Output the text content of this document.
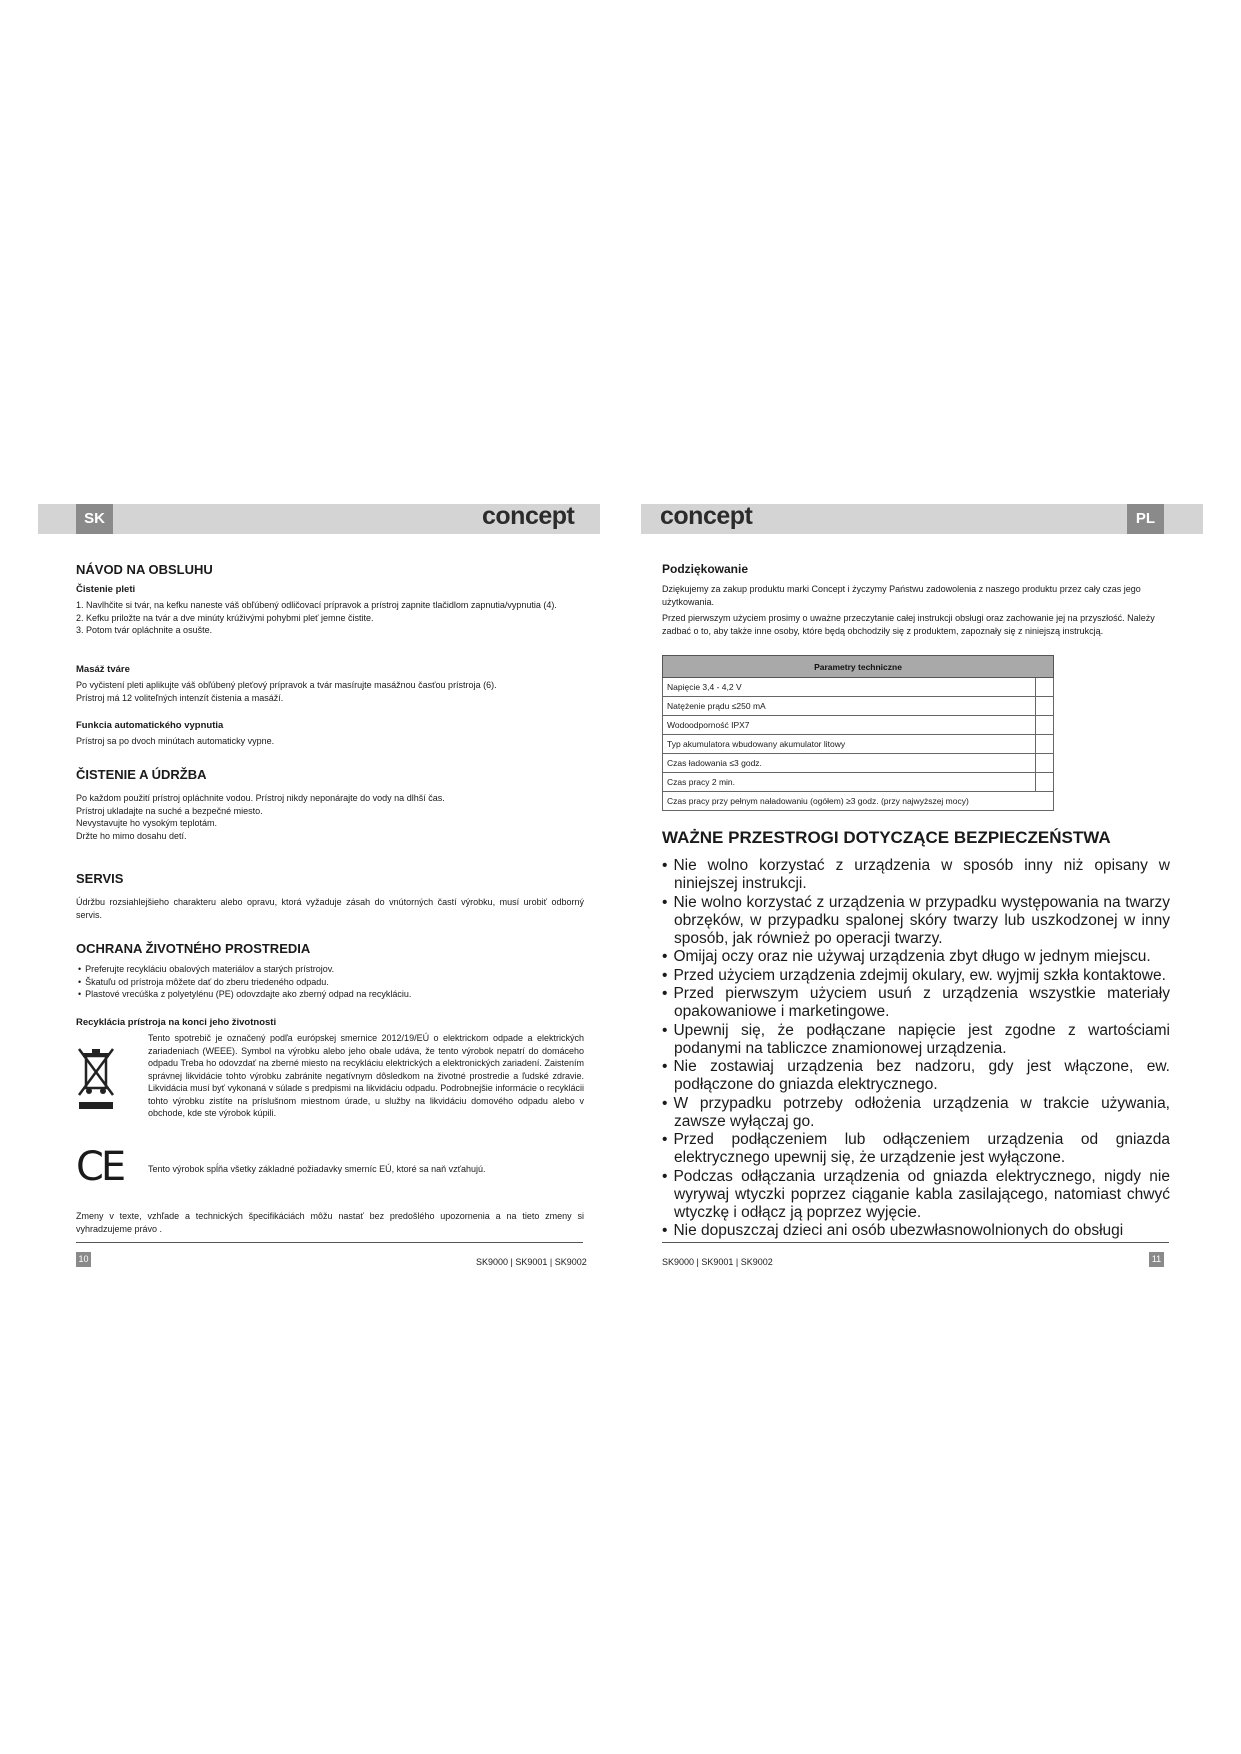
SK	PL
concept	concept
NÁVOD NA OBSLUHU
Čistenie pleti
1. Navlhčite si tvár, na kefku naneste váš obľúbený odličovací prípravok a prístroj zapnite tlačidlom zapnutia/vypnutia (4).
2. Kefku priložte na tvár a dve minúty krúživými pohybmi pleť jemne čistite.
3. Potom tvár opláchnite a osušte.
Masáž tváre

Po vyčistení pleti aplikujte váš obľúbený pleťový prípravok a tvár masírujte masážnou časťou prístroja (6).

Prístroj má 12 voliteľných intenzít čistenia a masáží.

Funkcia automatického vypnutia

Prístroj sa po dvoch minútach automaticky vypne.

ČISTENIE A ÚDRŽBA

Po každom použití prístroj opláchnite vodou. Prístroj nikdy neponárajte do vody na dlhší čas.

Prístroj ukladajte na suché a bezpečné miesto.

Nevystavujte ho vysokým teplotám.

Držte ho mimo dosahu detí.

SERVIS

Údržbu rozsiahlejšieho charakteru alebo opravu, ktorá vyžaduje zásah do vnútorných častí výrobku, musí urobiť odborný servis.

OCHRANA ŽIVOTNÉHO PROSTREDIA
• Preferujte recykláciu obalových materiálov a starých prístrojov.
• Škatuľu od prístroja môžete dať do zberu triedeného odpadu.
• Plastové vrecúška z polyetylénu (PE) odovzdajte ako zberný odpad na recykláciu.
Recyklácia prístroja na konci jeho životnosti

Tento spotrebič je označený podľa európskej smernice 2012/19/EÚ o elektrickom odpade a elektrických zariadeniach (WEEE). Symbol na výrobku alebo jeho obale udáva, že tento výrobok nepatrí do domáceho odpadu Treba ho odovzdať na zberné miesto na recykláciu elektrických a elektronických zariadení. Zaistením správnej likvidácie tohto výrobku zabránite negatívnym dôsledkom na životné prostredie a ľudské zdravie. Likvidácia musí byť vykonaná v súlade s predpismi na likvidáciu odpadu. Podrobnejšie informácie o recyklácii tohto výrobku zistíte na príslušnom miestnom úrade, u služby na likvidáciu domového odpadu alebo v obchode, kde ste výrobok kúpili.

CE	Tento výrobok spĺňa všetky základné požiadavky smerníc EÚ, ktoré sa naň vzťahujú.

Zmeny v texte, vzhľade a technických špecifikáciách môžu nastať bez predošlého upozornenia a na tieto zmeny si vyhradzujeme právo .

10	SK9000 | SK9001 | SK9002
Podziękowanie

Dziękujemy za zakup produktu marki Concept i życzymy Państwu zadowolenia z naszego produktu przez cały czas jego użytkowania.

Przed pierwszym użyciem prosimy o uważne przeczytanie całej instrukcji obsługi oraz zachowanie jej na przyszłość. Należy zadbać o to, aby także inne osoby, które będą obchodziły się z produktem, zapoznały się z niniejszą instrukcją.

Parametry techniczne	
Napięcie 3,4 - 4,2 V	
Natężenie prądu ≤250 mA	
Wodoodporność IPX7	
Typ akumulatora wbudowany akumulator litowy	
Czas ładowania ≤3 godz.	
Czas pracy 2 min.	
Czas pracy przy pełnym naładowaniu (ogółem) ≥3 godz. (przy najwyższej mocy)	
WAŻNE PRZESTROGI DOTYCZĄCE BEZPIECZEŃSTWA
• Nie wolno korzystać z urządzenia w sposób inny niż opisany w niniejszej instrukcji.
• Nie wolno korzystać z urządzenia w przypadku występowania na twarzy obrzęków, w przypadku spalonej skóry twarzy lub uszkodzonej w inny sposób, jak również po operacji twarzy.
• Omijaj oczy oraz nie używaj urządzenia zbyt długo w jednym miejscu.
• Przed użyciem urządzenia zdejmij okulary, ew. wyjmij szkła kontaktowe.
• Przed pierwszym użyciem usuń z urządzenia wszystkie materiały opakowaniowe i marketingowe.
• Upewnij się, że podłączane napięcie jest zgodne z wartościami podanymi na tabliczce znamionowej urządzenia.
• Nie zostawiaj urządzenia bez nadzoru, gdy jest włączone, ew. podłączone do gniazda elektrycznego.
• W przypadku potrzeby odłożenia urządzenia w trakcie używania, zawsze wyłączaj go.
• Przed podłączeniem lub odłączeniem urządzenia od gniazda elektrycznego upewnij się, że urządzenie jest wyłączone.
• Podczas odłączania urządzenia od gniazda elektrycznego, nigdy nie wyrywaj wtyczki poprzez ciąganie kabla zasilającego, natomiast chwyć wtyczkę i odłącz ją poprzez wyjęcie.
• Nie dopuszczaj dzieci ani osób ubezwłasnowolnionych do obsługi
SK9000 | SK9001 | SK9002	11
